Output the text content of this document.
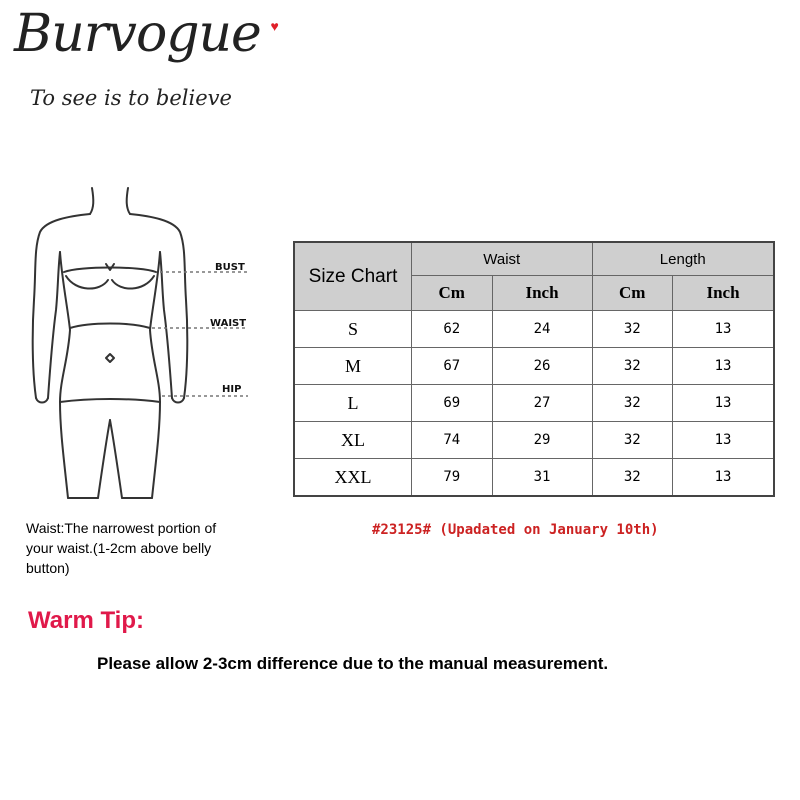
Burvogue ♥
To see is to believe
BUST
WAIST
HIP
Waist:The narrowest portion of your waist.(1-2cm above belly button)
Size Chart	Waist		Length	
	Cm	Inch	Cm	Inch
S	62	24	32	13
M	67	26	32	13
L	69	27	32	13
XL	74	29	32	13
XXL	79	31	32	13
#23125# (Upadated on January 10th)
Warm Tip:
Please allow 2-3cm difference due to the manual measurement.
